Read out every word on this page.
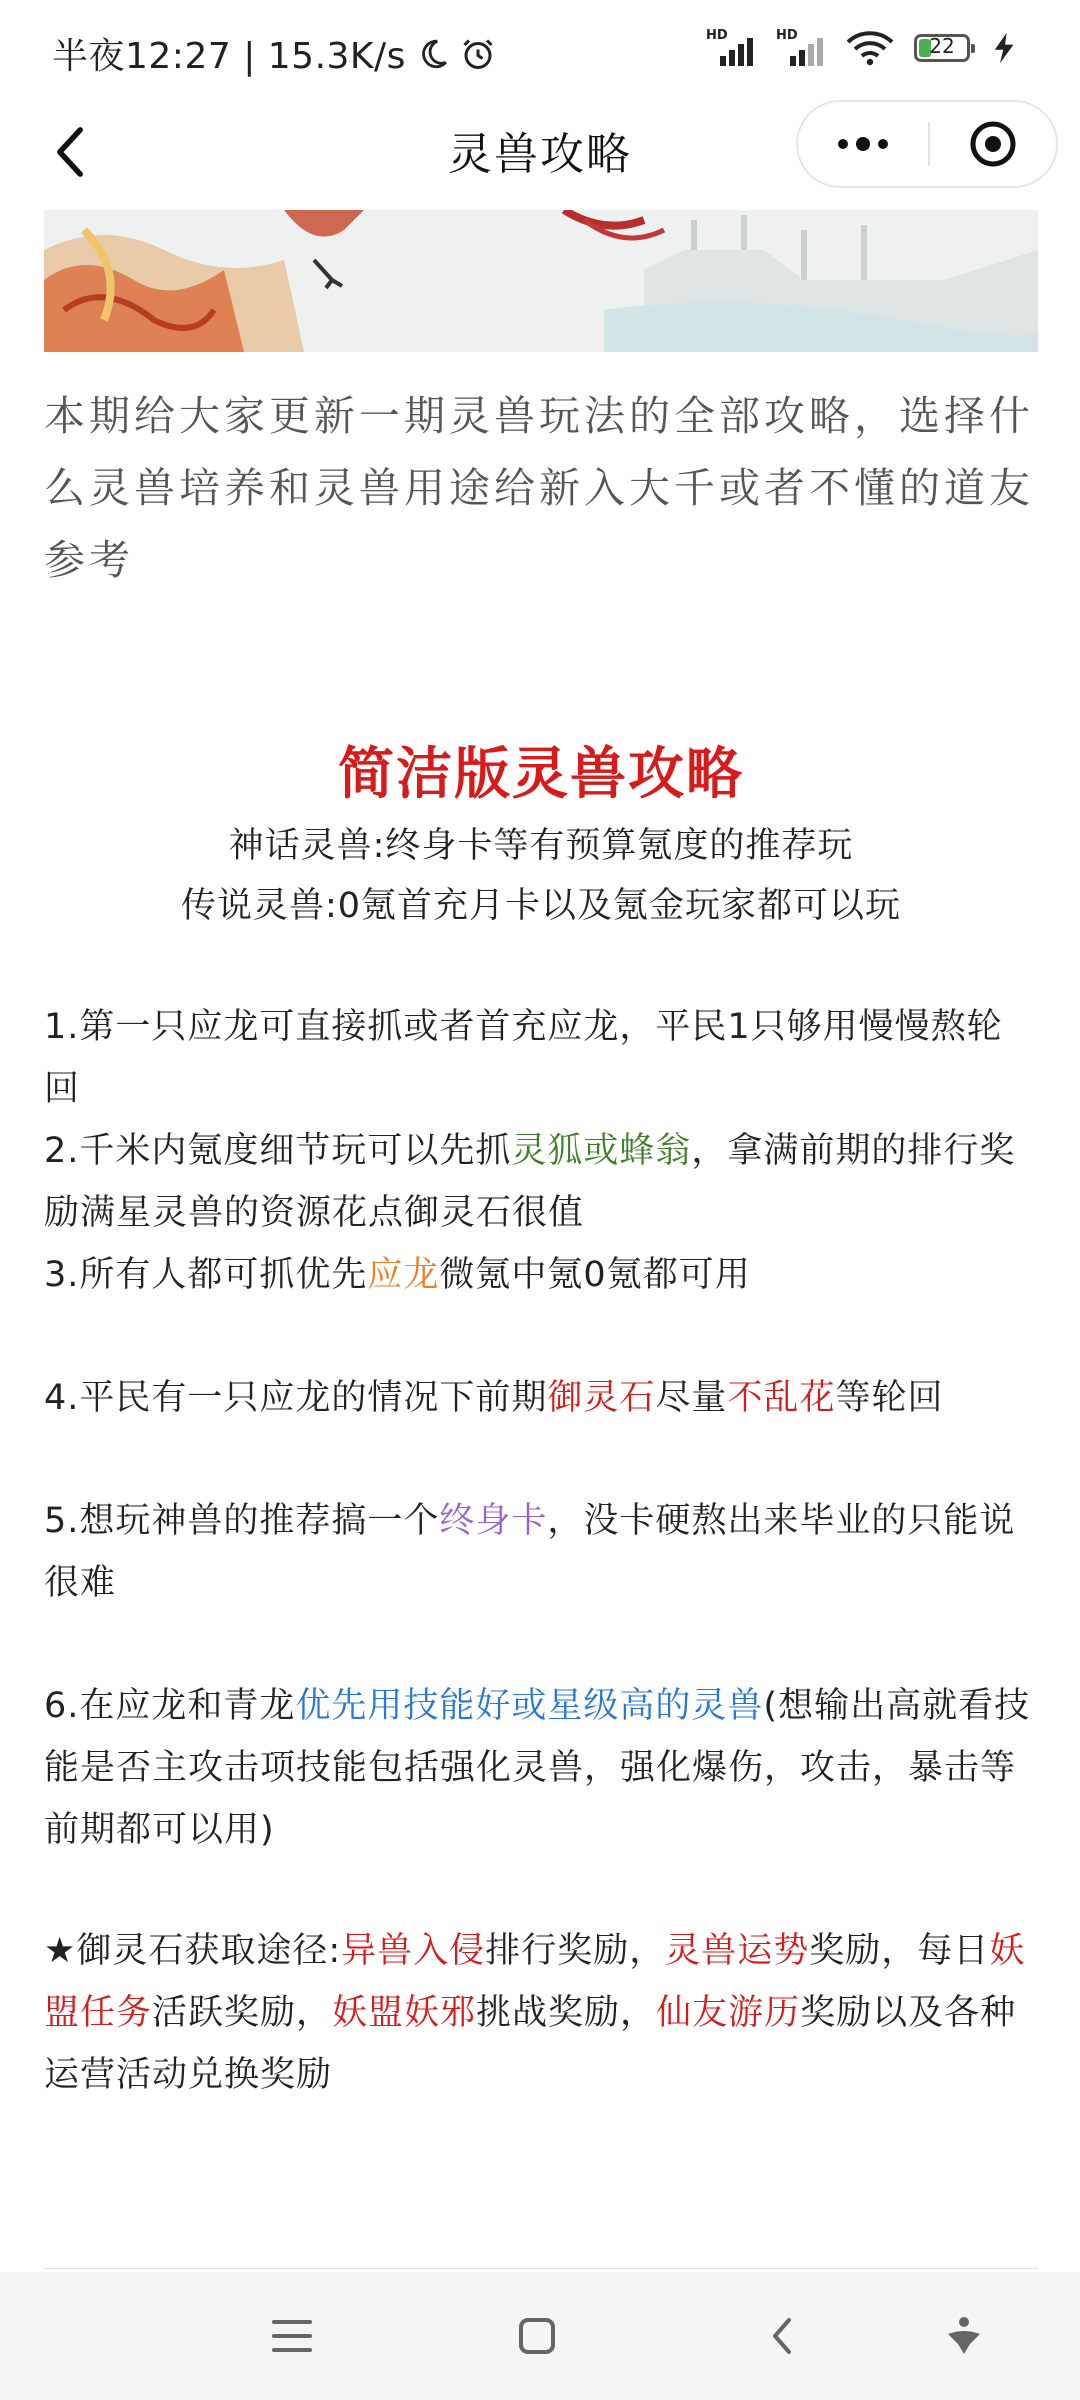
半夜12:27 | 15.3K/s
HD	HD	22
灵兽攻略

本期给大家更新一期灵兽玩法的全部攻略，选择什么灵兽培养和灵兽用途给新入大千或者不懂的道友参考

简洁版灵兽攻略
神话灵兽:终身卡等有预算氪度的推荐玩
传说灵兽:0氪首充月卡以及氪金玩家都可以玩

1.第一只应龙可直接抓或者首充应龙，平民1只够用慢慢熬轮回

2.千米内氪度细节玩可以先抓灵狐或蜂翁，拿满前期的排行奖励满星灵兽的资源花点御灵石很值

3.所有人都可抓优先应龙微氪中氪0氪都可用

4.平民有一只应龙的情况下前期御灵石尽量不乱花等轮回

5.想玩神兽的推荐搞一个终身卡，没卡硬熬出来毕业的只能说很难

6.在应龙和青龙优先用技能好或星级高的灵兽(想输出高就看技能是否主攻击项技能包括强化灵兽，强化爆伤，攻击，暴击等前期都可以用)

★御灵石获取途径:异兽入侵排行奖励，灵兽运势奖励，每日妖盟任务活跃奖励，妖盟妖邪挑战奖励，仙友游历奖励以及各种运营活动兑换奖励
